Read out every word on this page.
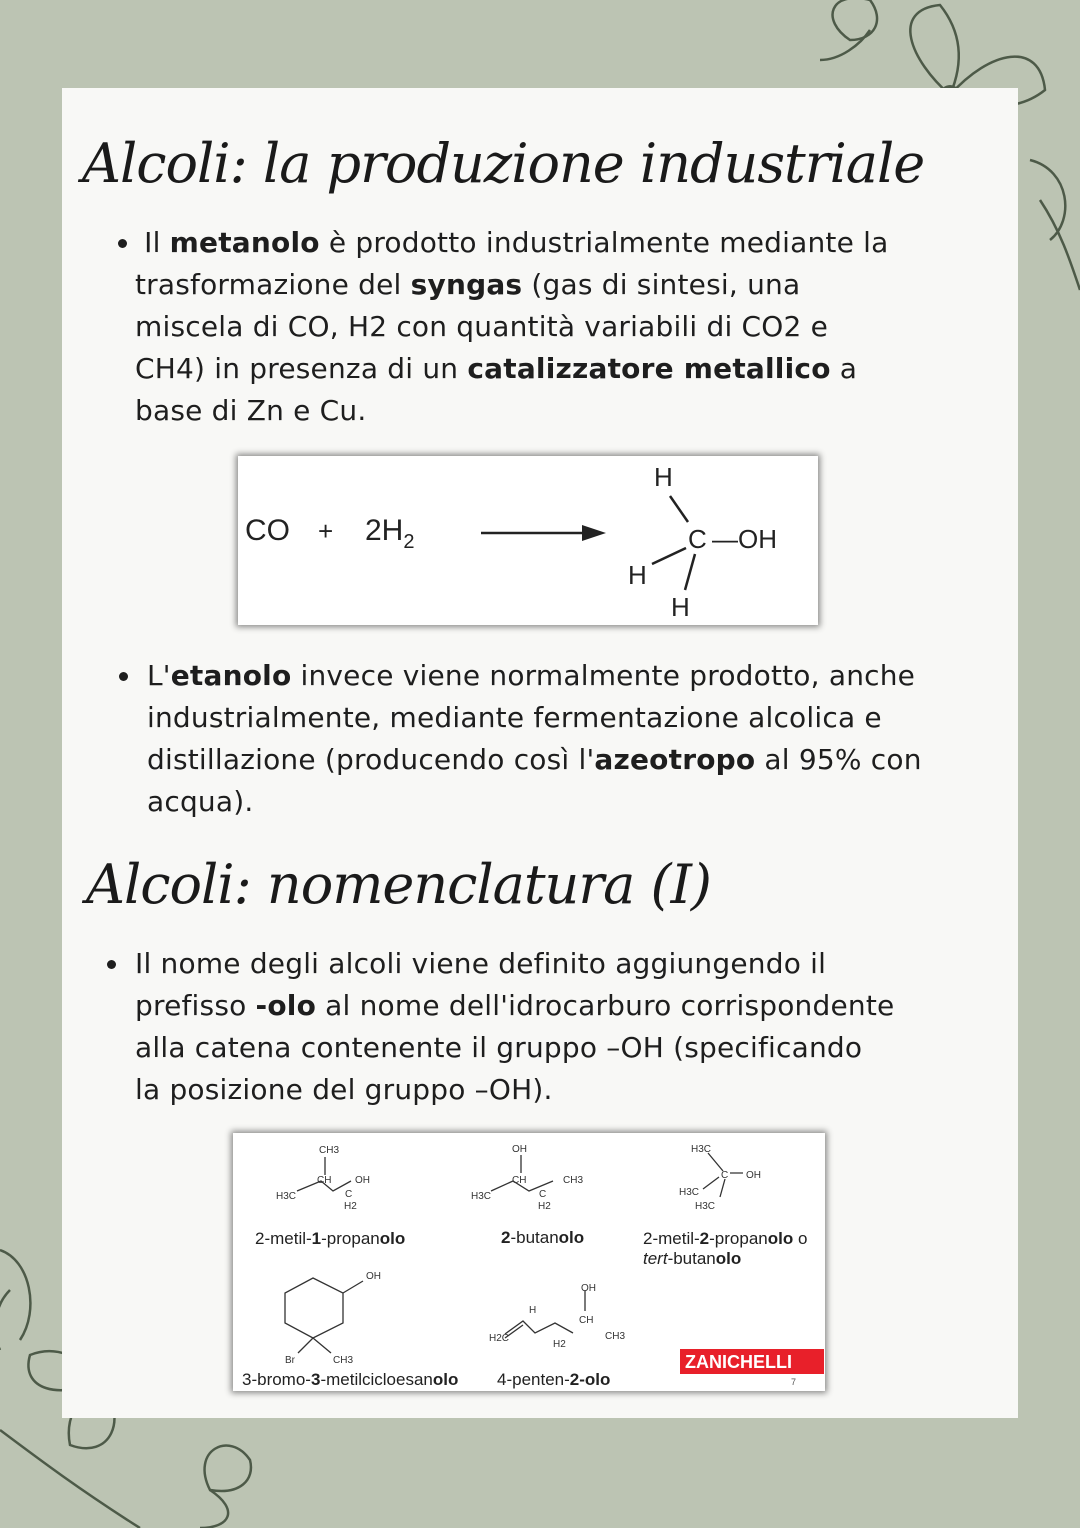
Alcoli: la produzione industriale
Il metanolo è prodotto industrialmente mediante la
trasformazione del syngas (gas di sintesi, una
miscela di CO, H2 con quantità variabili di CO2 e
CH4) in presenza di un catalizzatore metallico a
base di Zn e Cu.
CO + $2H_2$
H
C —OH
H
H
L'etanolo invece viene normalmente prodotto, anche
industrialmente, mediante fermentazione alcolica e
distillazione (producendo così l'azeotropo al 95% con
acqua).
Alcoli: nomenclatura (I)
Il nome degli alcoli viene definito aggiungendo il
prefisso -olo al nome dell'idrocarburo corrispondente
alla catena contenente il gruppo –OH (specificando
la posizione del gruppo –OH).
CH3
CH
H3C	C
OH
H2
OH
CH
H3C	C
CH3
H2
H3C
C OH
H3C
H3C
OH
Br	CH3
OH
H
CH
CH3
H2C
H2
2-metil-1-propanolo	2-butanolo	2-metil-2-propanolo o
tert-butanolo
3-bromo-3-metilcicloesanolo 4-penten-2-olo
ZANICHELLI
7
